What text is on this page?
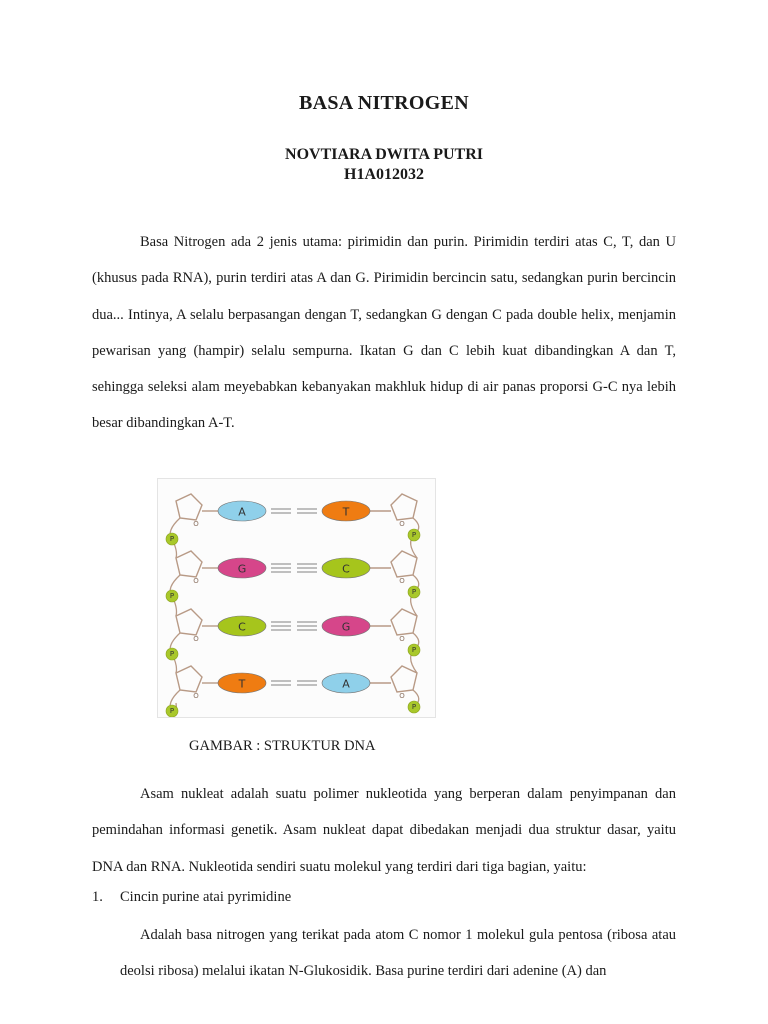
BASA NITROGEN
NOVTIARA DWITA PUTRI
H1A012032

Basa Nitrogen ada 2 jenis utama: pirimidin dan purin. Pirimidin terdiri atas C, T, dan U (khusus pada RNA), purin terdiri atas A dan G. Pirimidin bercincin satu, sedangkan purin bercincin dua... Intinya, A selalu berpasangan dengan T, sedangkan G dengan C pada double helix, menjamin pewarisan yang (hampir) selalu sempurna. Ikatan G dan C lebih kuat dibandingkan A dan T, sehingga seleksi alam meyebabkan kebanyakan makhluk hidup di air panas proporsi G-C nya lebih besar dibandingkan A-T.

O	O
A	T
O	O
G	C
O	O
C	G
O	O
T	A
P	P
P	P
P	P
P	P
GAMBAR : STRUKTUR DNA

Asam nukleat adalah suatu polimer nukleotida yang berperan dalam penyimpanan dan pemindahan informasi genetik. Asam nukleat dapat dibedakan menjadi dua struktur dasar, yaitu DNA dan RNA. Nukleotida sendiri suatu molekul yang terdiri dari tiga bagian, yaitu:

1. Cincin purine atai pyrimidine

Adalah basa nitrogen yang terikat pada atom C nomor 1 molekul gula pentosa (ribosa atau deolsi ribosa) melalui ikatan N-Glukosidik. Basa purine terdiri dari adenine (A) dan
